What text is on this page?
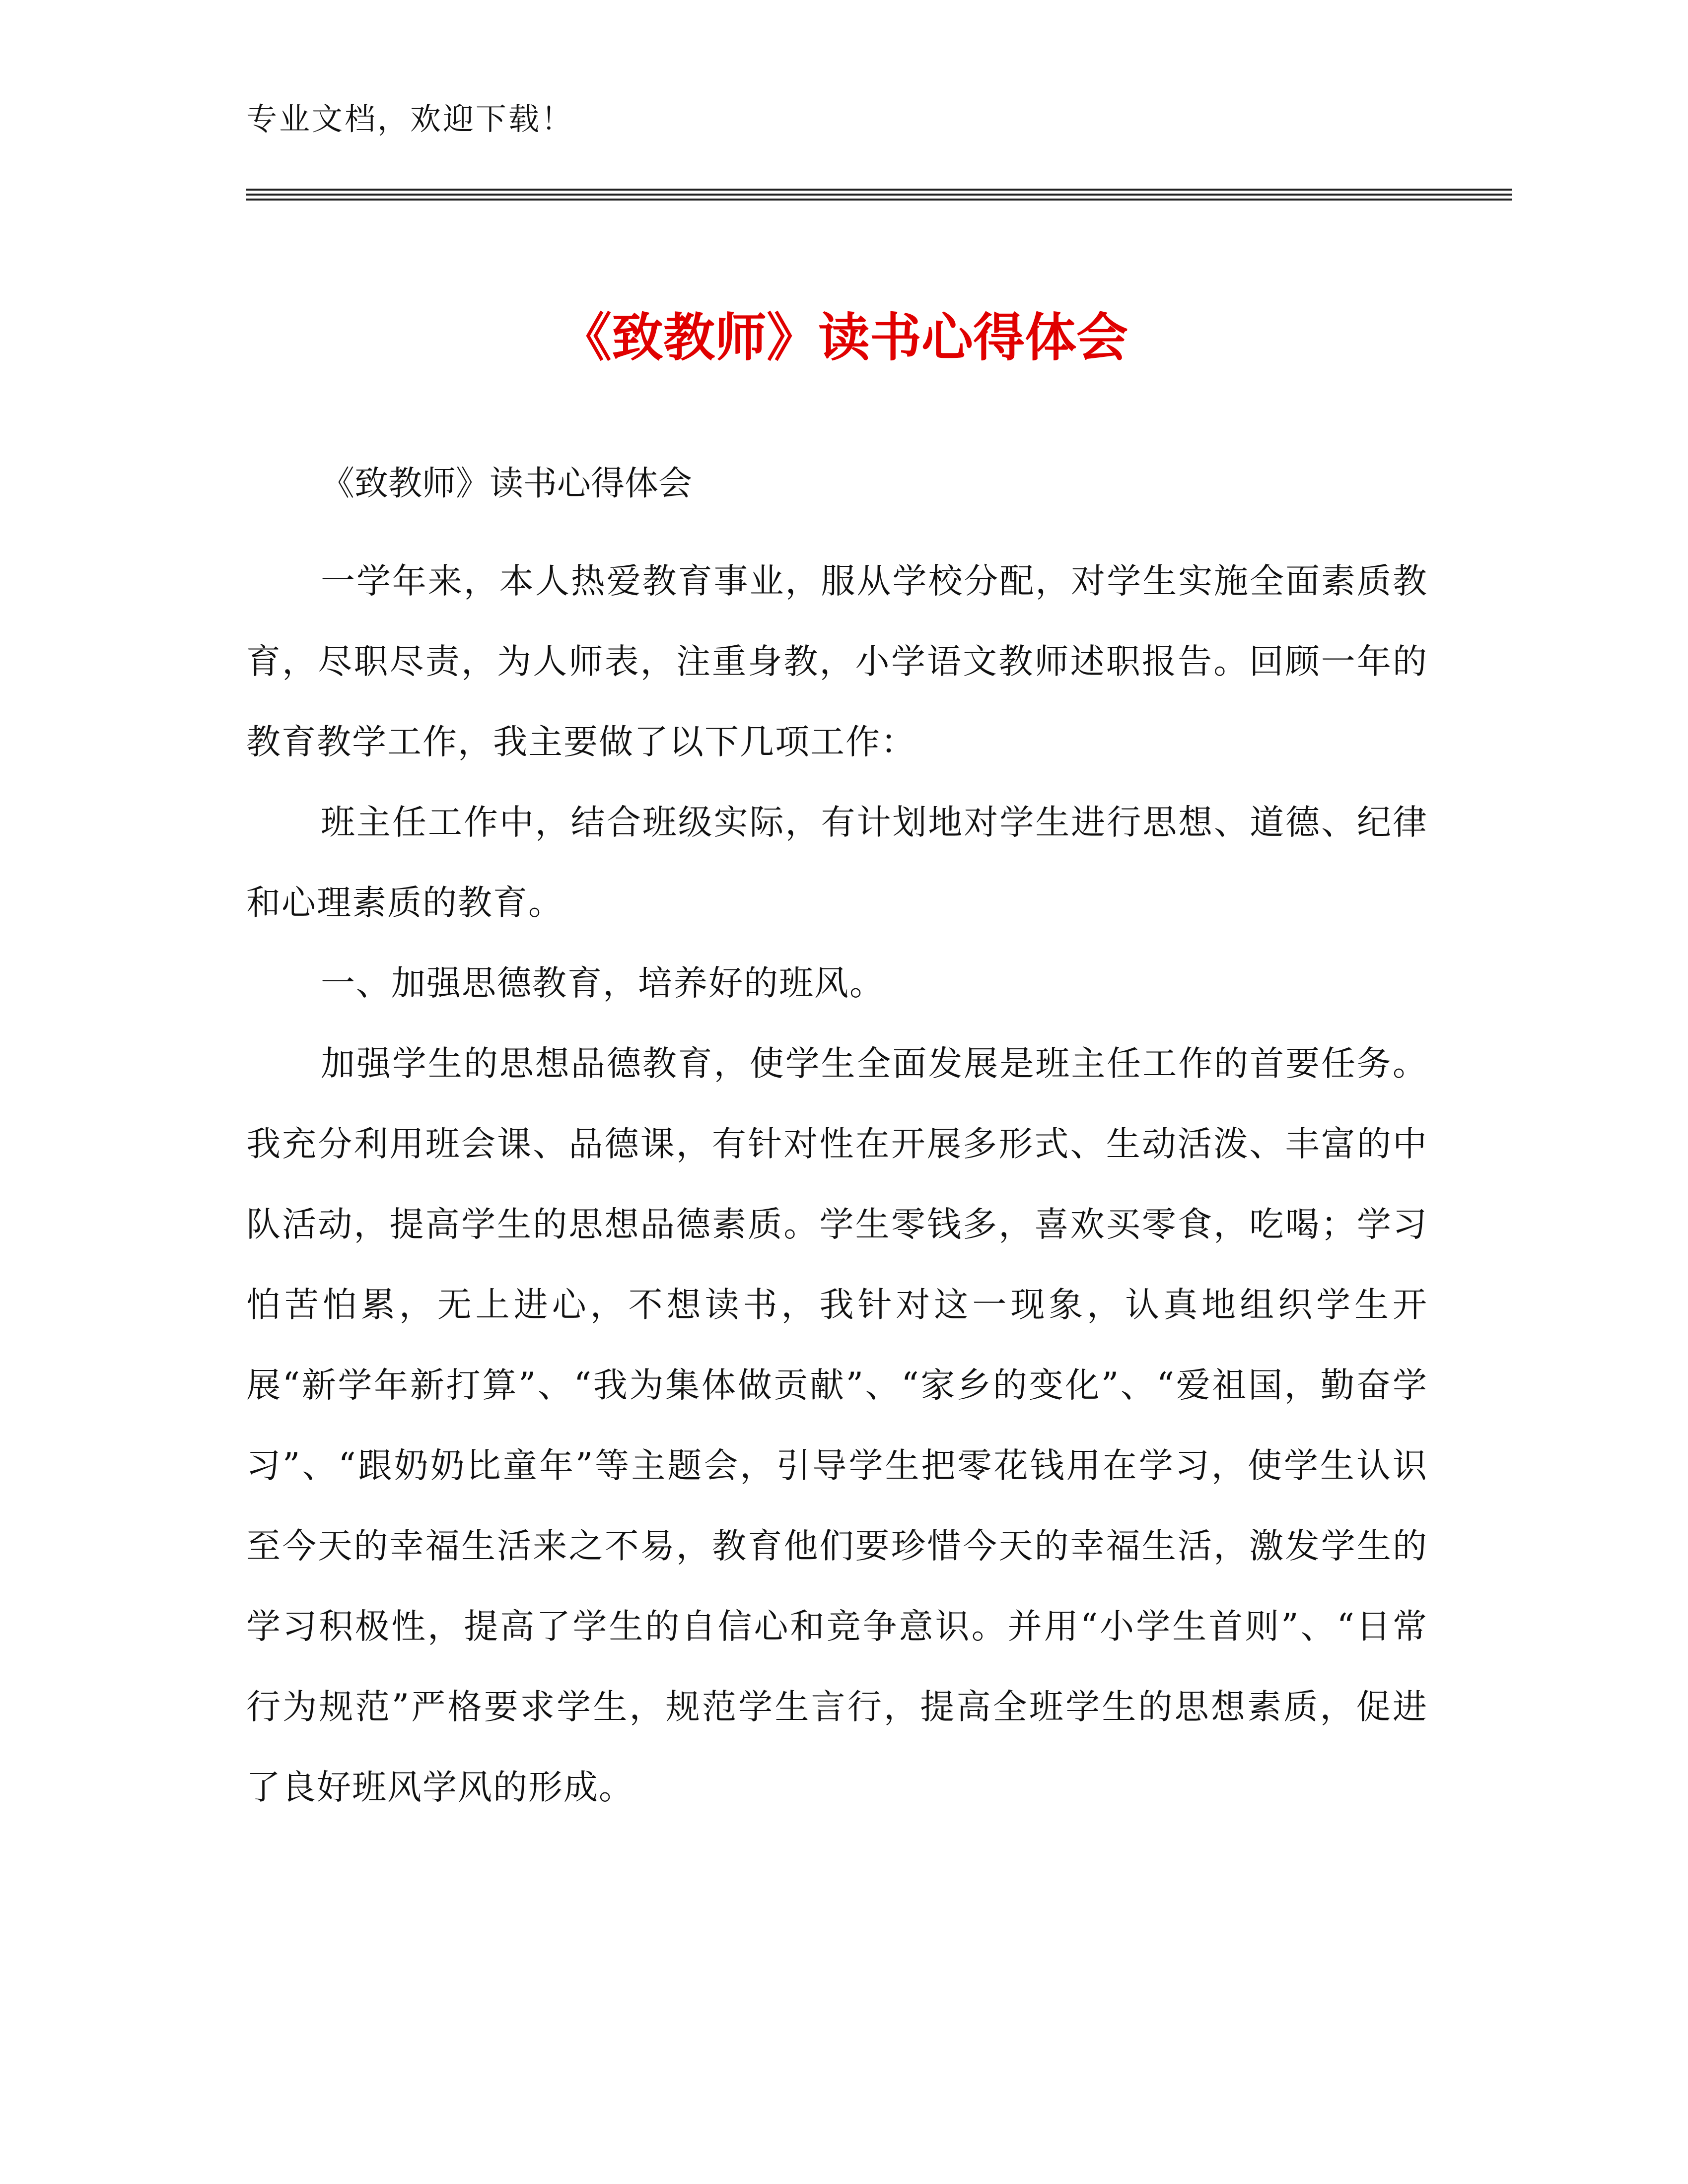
专业文档，欢迎下载！
《致教师》读书心得体会

《致教师》读书心得体会

一学年来，本人热爱教育事业，服从学校分配，对学生实施全面素质教育，尽职尽责，为人师表，注重身教，小学语文教师述职报告。回顾一年的教育教学工作，我主要做了以下几项工作：

班主任工作中，结合班级实际，有计划地对学生进行思想、道德、纪律和心理素质的教育。

一、加强思德教育，培养好的班风。

加强学生的思想品德教育，使学生全面发展是班主任工作的首要任务。我充分利用班会课、品德课，有针对性在开展多形式、生动活泼、丰富的中队活动，提高学生的思想品德素质。学生零钱多，喜欢买零食，吃喝；学习怕苦怕累，无上进心，不想读书，我针对这一现象，认真地组织学生开展“新学年新打算”、“我为集体做贡献”、“家乡的变化”、“爱祖国，勤奋学习”、“跟奶奶比童年”等主题会，引导学生把零花钱用在学习，使学生认识至今天的幸福生活来之不易，教育他们要珍惜今天的幸福生活，激发学生的学习积极性，提高了学生的自信心和竞争意识。并用“小学生首则”、“日常行为规范”严格要求学生，规范学生言行，提高全班学生的思想素质，促进了良好班风学风的形成。
